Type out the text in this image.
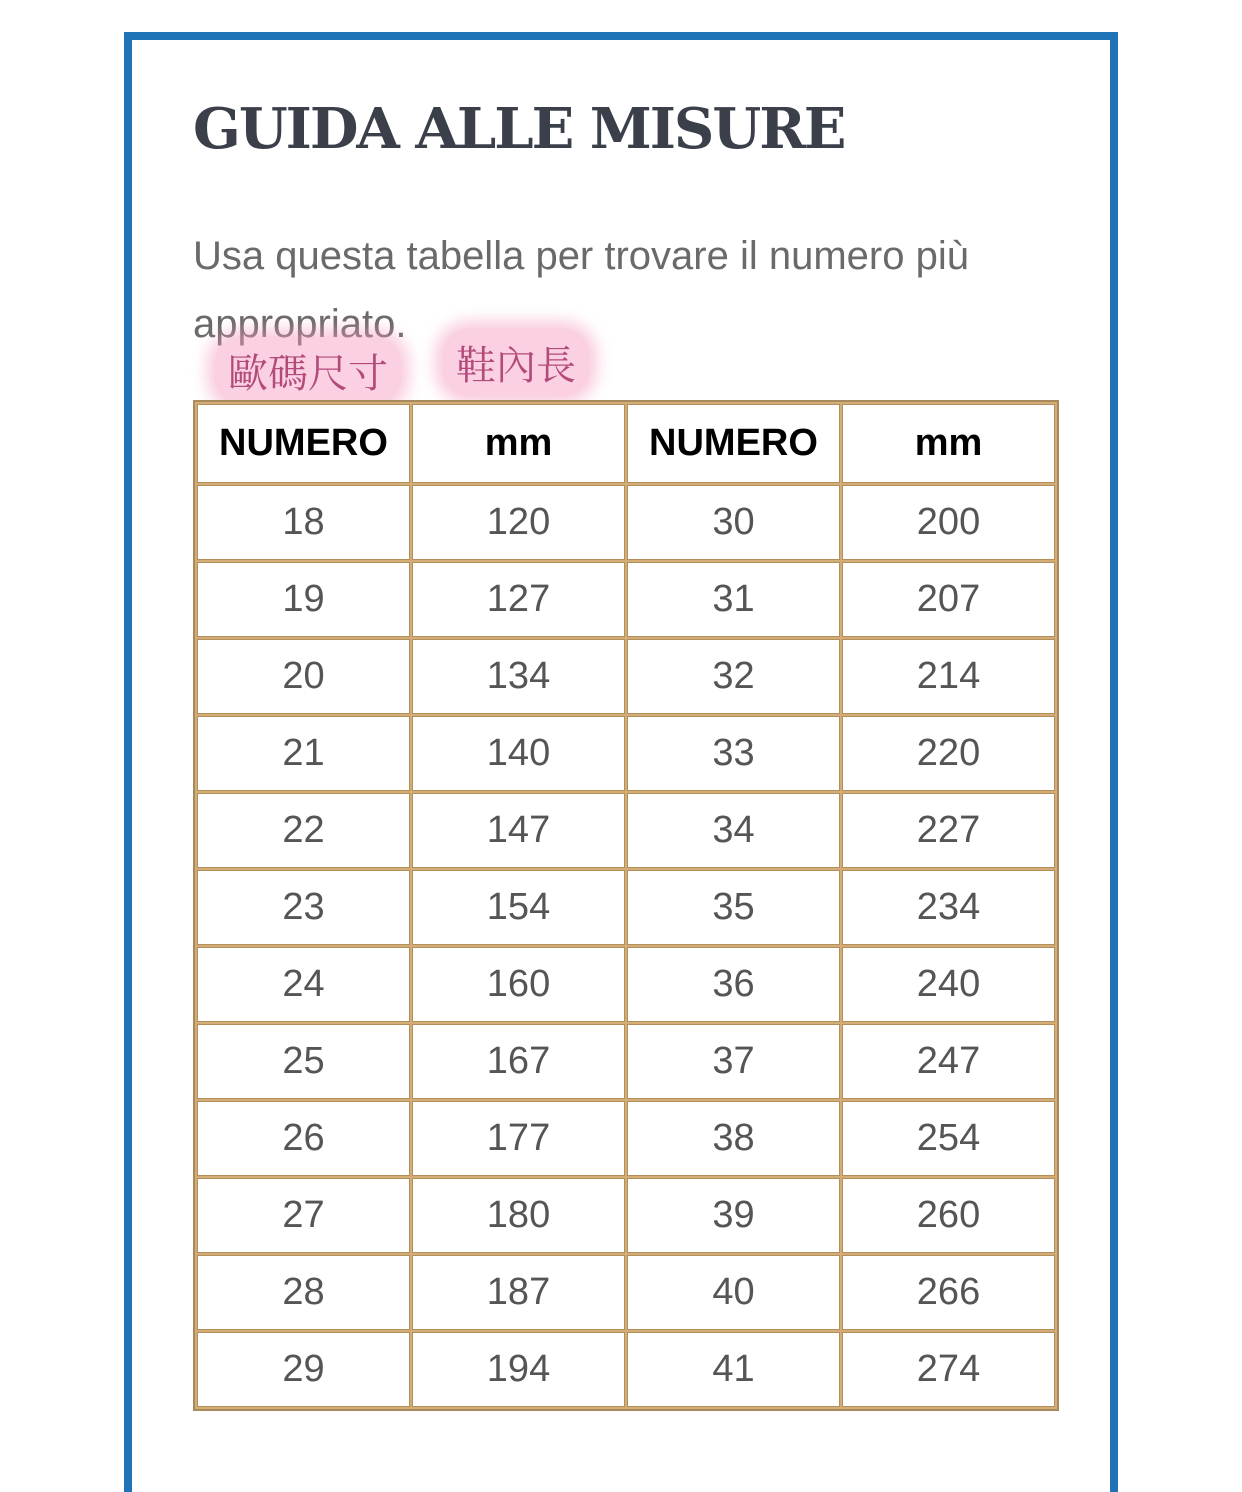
GUIDA ALLE MISURE

Usa questa tabella per trovare il numero più appropriato.

歐碼尺寸	鞋內長
NUMERO	mm	NUMERO	mm
18	120	30	200
19	127	31	207
20	134	32	214
21	140	33	220
22	147	34	227
23	154	35	234
24	160	36	240
25	167	37	247
26	177	38	254
27	180	39	260
28	187	40	266
29	194	41	274
